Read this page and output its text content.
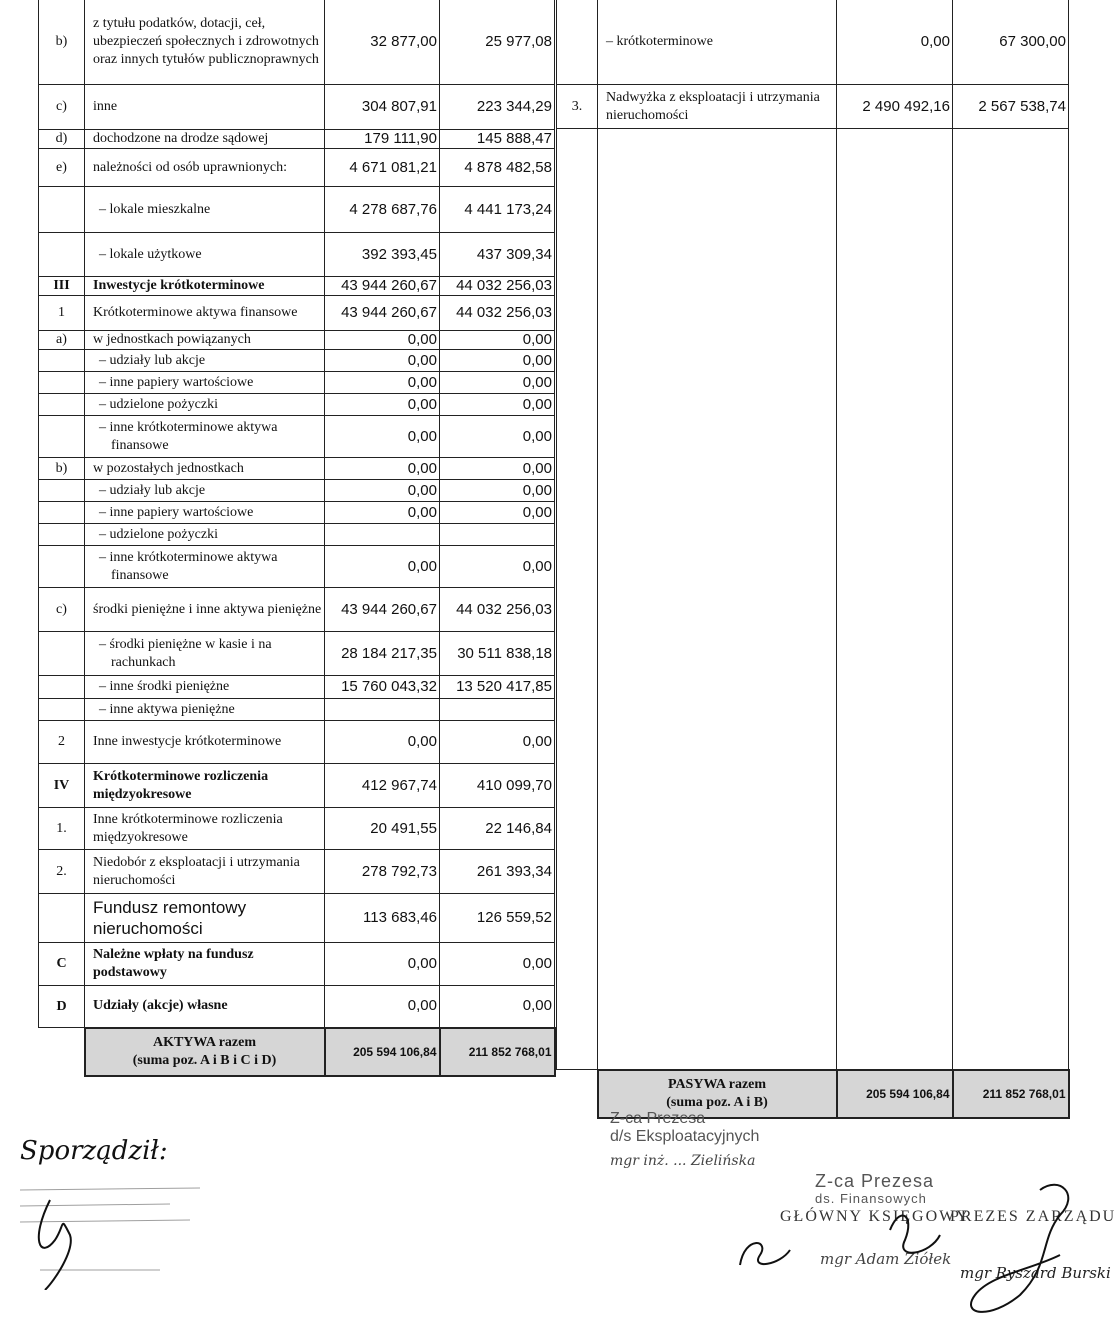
b)	z tytułu podatków, dotacji, ceł, ubezpieczeń społecznych i zdrowotnych oraz innych tytułów publicznoprawnych	32 877,00	25 977,08
c)	inne	304 807,91	223 344,29
d)	dochodzone na drodze sądowej	179 111,90	145 888,47
e)	należności od osób uprawnionych:	4 671 081,21	4 878 482,58
	– lokale mieszkalne	4 278 687,76	4 441 173,24
	– lokale użytkowe	392 393,45	437 309,34
III	Inwestycje krótkoterminowe	43 944 260,67	44 032 256,03
1	Krótkoterminowe aktywa finansowe	43 944 260,67	44 032 256,03
a)	w jednostkach powiązanych	0,00	0,00
	– udziały lub akcje	0,00	0,00
	– inne papiery wartościowe	0,00	0,00
	– udzielone pożyczki	0,00	0,00
	– inne krótkoterminowe aktywa
finansowe	0,00	0,00
b)	w pozostałych jednostkach	0,00	0,00
	– udziały lub akcje	0,00	0,00
	– inne papiery wartościowe	0,00	0,00
	– udzielone pożyczki		
	– inne krótkoterminowe aktywa
finansowe	0,00	0,00
c)	środki pieniężne i inne aktywa pieniężne	43 944 260,67	44 032 256,03
	– środki pieniężne w kasie i na
rachunkach	28 184 217,35	30 511 838,18
	– inne środki pieniężne	15 760 043,32	13 520 417,85
	– inne aktywa pieniężne		
2	Inne inwestycje krótkoterminowe	0,00	0,00
IV	Krótkoterminowe rozliczenia międzyokresowe	412 967,74	410 099,70
1.	Inne krótkoterminowe rozliczenia międzyokresowe	20 491,55	22 146,84
2.	Niedobór z eksploatacji i utrzymania nieruchomości	278 792,73	261 393,34
	Fundusz remontowy nieruchomości	113 683,46	126 559,52
C	Należne wpłaty na fundusz podstawowy	0,00	0,00
D	Udziały (akcje) własne	0,00	0,00

	AKTYWA razem
(suma poz. A i B i C i D)	205 594 106,84	211 852 768,01
	– krótkoterminowe	0,00	67 300,00
3.	Nadwyżka z eksploatacji i utrzymania nieruchomości	2 490 492,16	2 567 538,74

	PASYWA razem
(suma poz. A i B)	205 594 106,84	211 852 768,01
Sporządził:
Z-ca Prezesa
d/s Eksploatacyjnych
mgr inż. ... Zielińska
Z-ca Prezesa
ds. Finansowych
GŁÓWNY KSIĘGOWY
PREZES ZARZĄDU
mgr Adam Ziółek
mgr Ryszard Burski
